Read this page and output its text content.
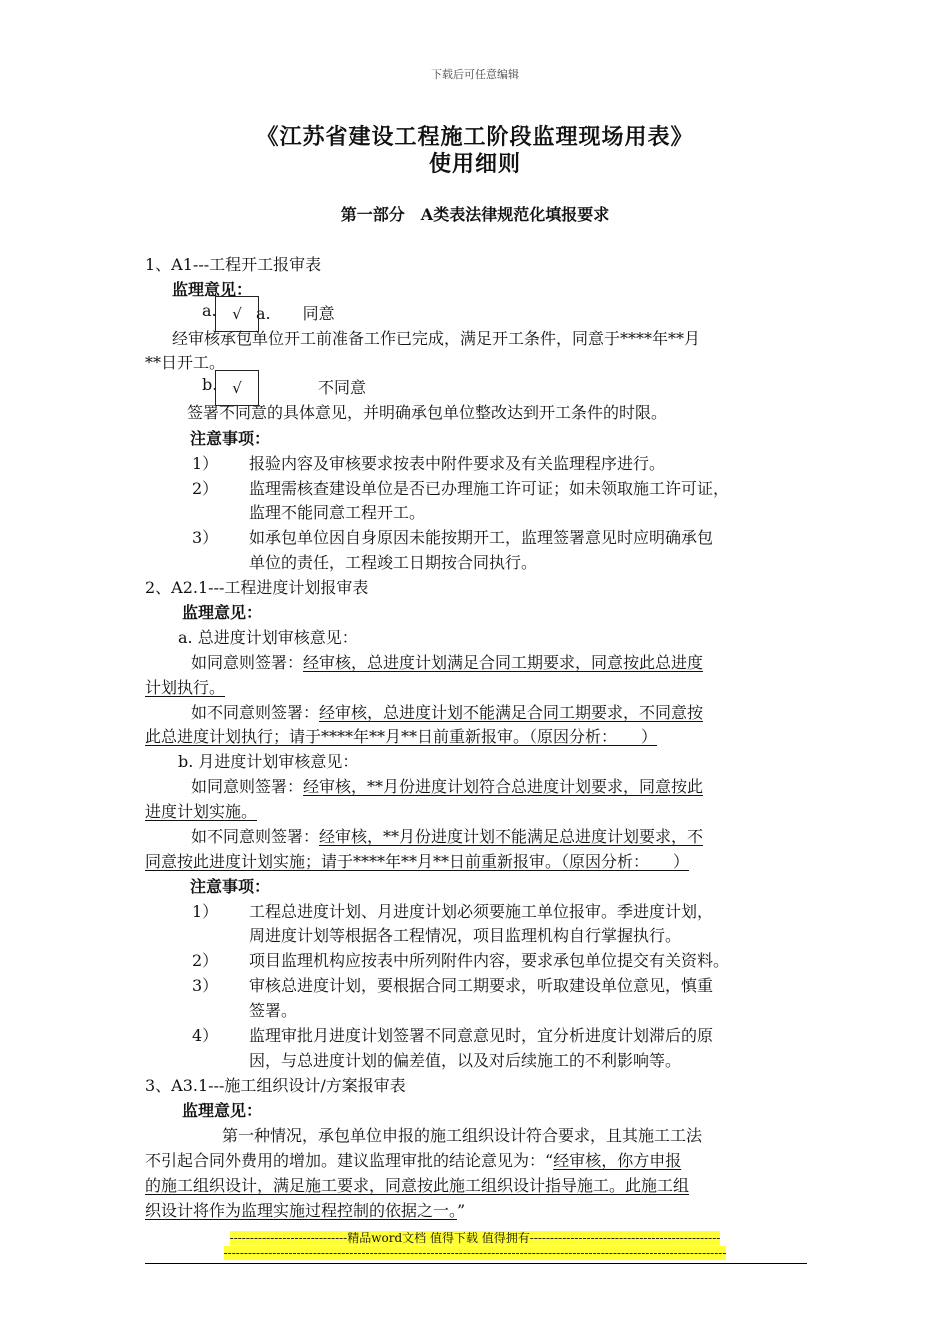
下载后可任意编辑
《江苏省建设工程施工阶段监理现场用表》
使用细则
第一部分　A类表法律规范化填报要求
1、A1---工程开工报审表
监理意见：
a. a.　　同意
经审核承包单位开工前准备工作已完成，满足开工条件，同意于****年**月
**日开工。
√
b.	不同意
签署不同意的具体意见，并明确承包单位整改达到开工条件的时限。
√
注意事项：
1） 报验内容及审核要求按表中附件要求及有关监理程序进行。
2） 监理需核查建设单位是否已办理施工许可证；如未领取施工许可证，
监理不能同意工程开工。
3） 如承包单位因自身原因未能按期开工，监理签署意见时应明确承包
单位的责任，工程竣工日期按合同执行。
2、A2.1---工程进度计划报审表
监理意见：
a. 总进度计划审核意见：
如同意则签署：经审核，总进度计划满足合同工期要求，同意按此总进度
计划执行。
如不同意则签署：经审核，总进度计划不能满足合同工期要求，不同意按
此总进度计划执行；请于****年**月**日前重新报审。（原因分析：　　）
b. 月进度计划审核意见：
如同意则签署：经审核，**月份进度计划符合总进度计划要求，同意按此
进度计划实施。
如不同意则签署：经审核，**月份进度计划不能满足总进度计划要求，不
同意按此进度计划实施；请于****年**月**日前重新报审。（原因分析：　　）
注意事项：
1） 工程总进度计划、月进度计划必须要施工单位报审。季进度计划，
周进度计划等根据各工程情况，项目监理机构自行掌握执行。
2） 项目监理机构应按表中所列附件内容，要求承包单位提交有关资料。
3） 审核总进度计划，要根据合同工期要求，听取建设单位意见，慎重
签署。
4） 监理审批月进度计划签署不同意意见时，宜分析进度计划滞后的原
因，与总进度计划的偏差值，以及对后续施工的不利影响等。
3、A3.1---施工组织设计/方案报审表
监理意见：
第一种情况，承包单位申报的施工组织设计符合要求，且其施工工法
不引起合同外费用的增加。建议监理审批的结论意见为：“经审核，你方申报
的施工组织设计，满足施工要求，同意按此施工组织设计指导施工。此施工组
织设计将作为监理实施过程控制的依据之一。”
-----------------------------精品word文档 值得下载 值得拥有-----------------------------------------------
----------------------------------------------------------------------------------------------------------------------------
